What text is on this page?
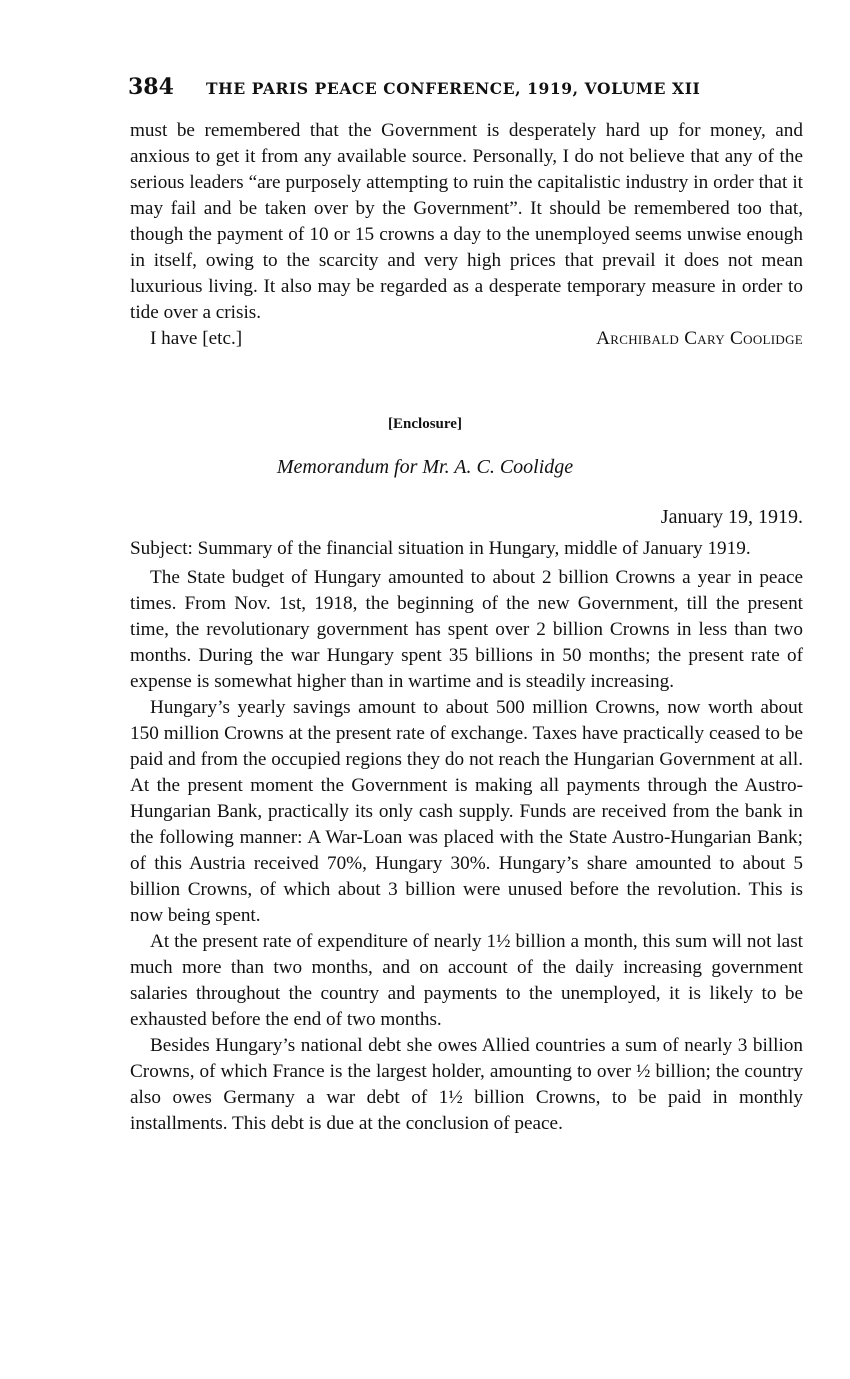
384	THE PARIS PEACE CONFERENCE, 1919, VOLUME XII

must be remembered that the Government is desperately hard up for money, and anxious to get it from any available source. Personally, I do not believe that any of the serious leaders “are purposely attempting to ruin the capitalistic industry in order that it may fail and be taken over by the Government”. It should be remembered too that, though the payment of 10 or 15 crowns a day to the unemployed seems unwise enough in itself, owing to the scarcity and very high prices that prevail it does not mean luxurious living. It also may be regarded as a desperate temporary measure in order to tide over a crisis.

I have [etc.]	Archibald Cary Coolidge
[Enclosure]
Memorandum for Mr. A. C. Coolidge
January 19, 1919.

Subject: Summary of the financial situation in Hungary, middle of January 1919.

The State budget of Hungary amounted to about 2 billion Crowns a year in peace times. From Nov. 1st, 1918, the beginning of the new Government, till the present time, the revolutionary government has spent over 2 billion Crowns in less than two months. During the war Hungary spent 35 billions in 50 months; the present rate of expense is somewhat higher than in wartime and is steadily increasing.

Hungary’s yearly savings amount to about 500 million Crowns, now worth about 150 million Crowns at the present rate of exchange. Taxes have practically ceased to be paid and from the occupied regions they do not reach the Hungarian Government at all. At the present moment the Government is making all payments through the Austro-Hungarian Bank, practically its only cash supply. Funds are received from the bank in the following manner: A War-Loan was placed with the State Austro-Hungarian Bank; of this Austria received 70%, Hungary 30%. Hungary’s share amounted to about 5 billion Crowns, of which about 3 billion were unused before the revolution. This is now being spent.

At the present rate of expenditure of nearly 1½ billion a month, this sum will not last much more than two months, and on account of the daily increasing government salaries throughout the country and payments to the unemployed, it is likely to be exhausted before the end of two months.

Besides Hungary’s national debt she owes Allied countries a sum of nearly 3 billion Crowns, of which France is the largest holder, amounting to over ½ billion; the country also owes Germany a war debt of 1½ billion Crowns, to be paid in monthly installments. This debt is due at the conclusion of peace.
